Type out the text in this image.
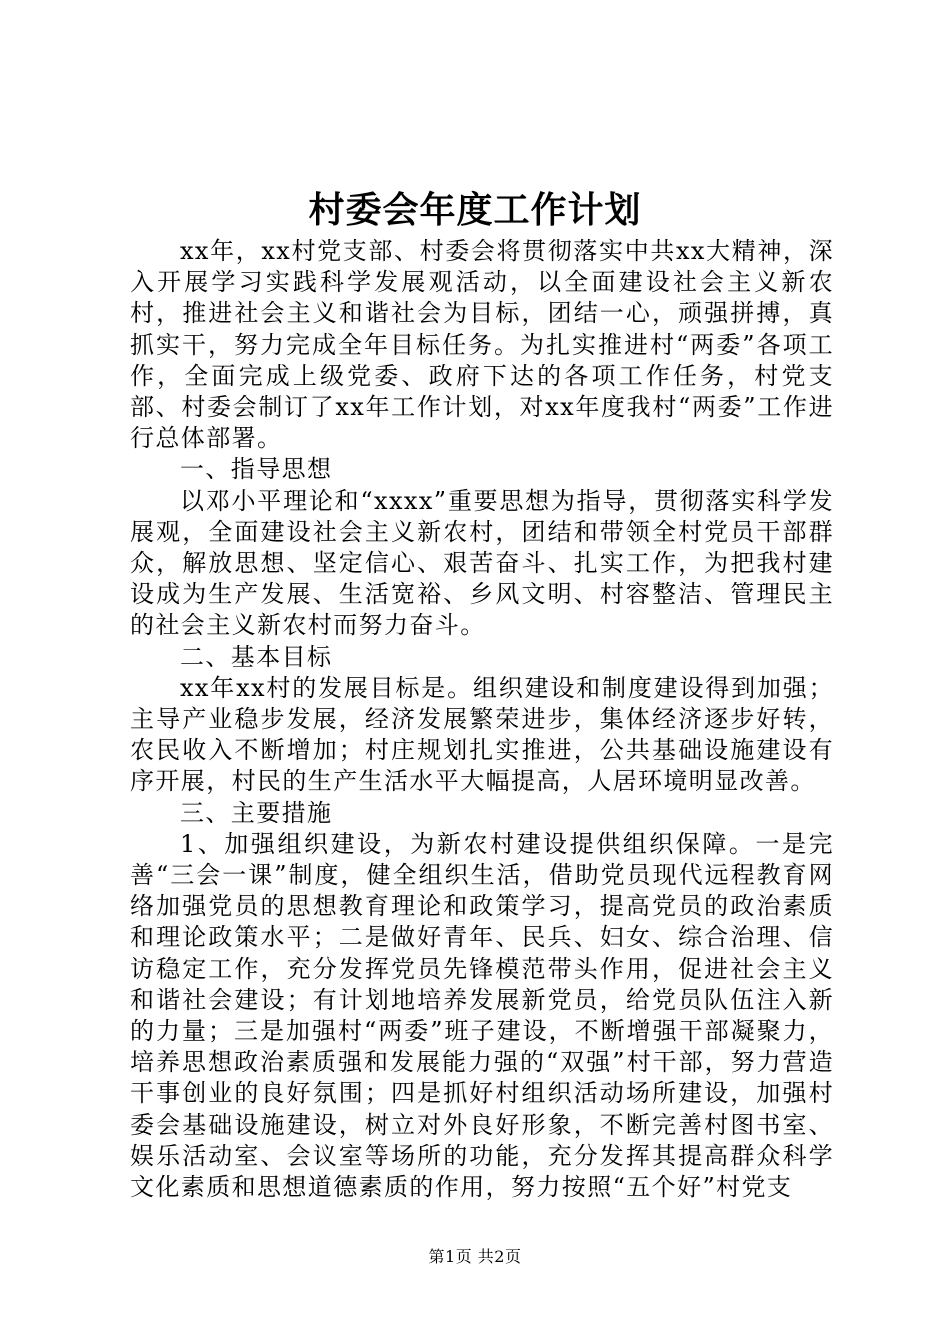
村委会年度工作计划

xx年，xx村党支部、村委会将贯彻落实中共xx大精神，深入开展学习实践科学发展观活动，以全面建设社会主义新农村，推进社会主义和谐社会为目标，团结一心，顽强拼搏，真抓实干，努力完成全年目标任务。为扎实推进村“两委”各项工作，全面完成上级党委、政府下达的各项工作任务，村党支部、村委会制订了xx年工作计划，对xx年度我村“两委”工作进行总体部署。

一、指导思想

以邓小平理论和“xxxx”重要思想为指导，贯彻落实科学发展观，全面建设社会主义新农村，团结和带领全村党员干部群众，解放思想、坚定信心、艰苦奋斗、扎实工作，为把我村建设成为生产发展、生活宽裕、乡风文明、村容整洁、管理民主的社会主义新农村而努力奋斗。

二、基本目标

xx年xx村的发展目标是。组织建设和制度建设得到加强；主导产业稳步发展，经济发展繁荣进步，集体经济逐步好转，农民收入不断增加；村庄规划扎实推进，公共基础设施建设有序开展，村民的生产生活水平大幅提高，人居环境明显改善。

三、主要措施

1、加强组织建设，为新农村建设提供组织保障。一是完善“三会一课”制度，健全组织生活，借助党员现代远程教育网络加强党员的思想教育理论和政策学习，提高党员的政治素质和理论政策水平；二是做好青年、民兵、妇女、综合治理、信访稳定工作，充分发挥党员先锋模范带头作用，促进社会主义和谐社会建设；有计划地培养发展新党员，给党员队伍注入新的力量；三是加强村“两委”班子建设，不断增强干部凝聚力，培养思想政治素质强和发展能力强的“双强”村干部，努力营造干事创业的良好氛围；四是抓好村组织活动场所建设，加强村委会基础设施建设，树立对外良好形象，不断完善村图书室、娱乐活动室、会议室等场所的功能，充分发挥其提高群众科学文化素质和思想道德素质的作用，努力按照“五个好”村党支

第1页 共2页
